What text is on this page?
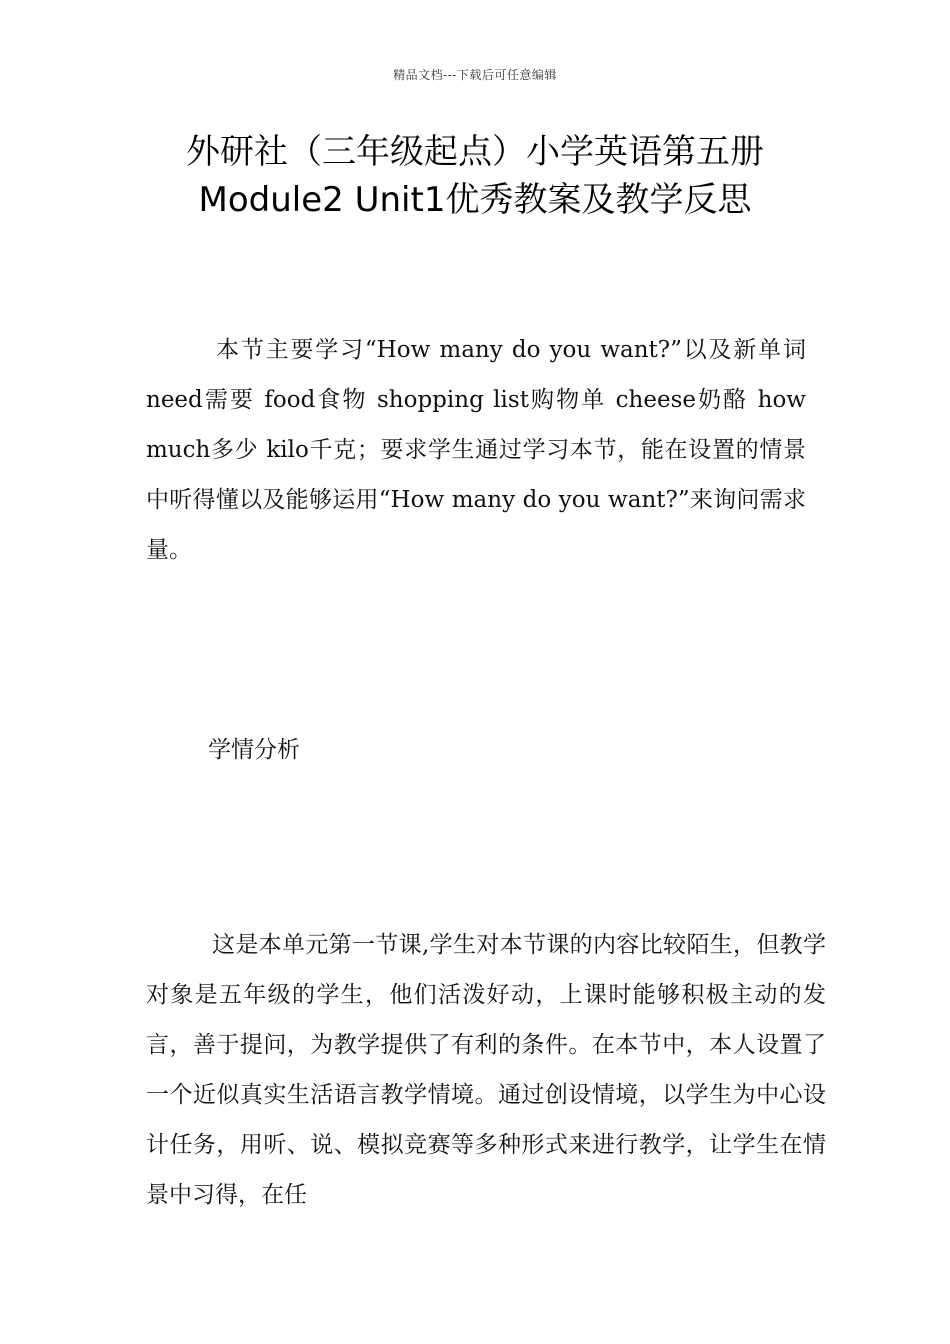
精品文档---下载后可任意编辑
外研社（三年级起点）小学英语第五册
Module2 Unit1优秀教案及教学反思

本节主要学习“How many do you want?”以及新单词 need需要 food食物 shopping list购物单 cheese奶酪 how much多少 kilo千克；要求学生通过学习本节，能在设置的情景中听得懂以及能够运用“How many do you want?”来询问需求量。

学情分析

这是本单元第一节课,学生对本节课的内容比较陌生，但教学对象是五年级的学生，他们活泼好动，上课时能够积极主动的发言，善于提问，为教学提供了有利的条件。在本节中，本人设置了一个近似真实生活语言教学情境。通过创设情境，以学生为中心设计任务，用听、说、模拟竞赛等多种形式来进行教学，让学生在情景中习得，在任
